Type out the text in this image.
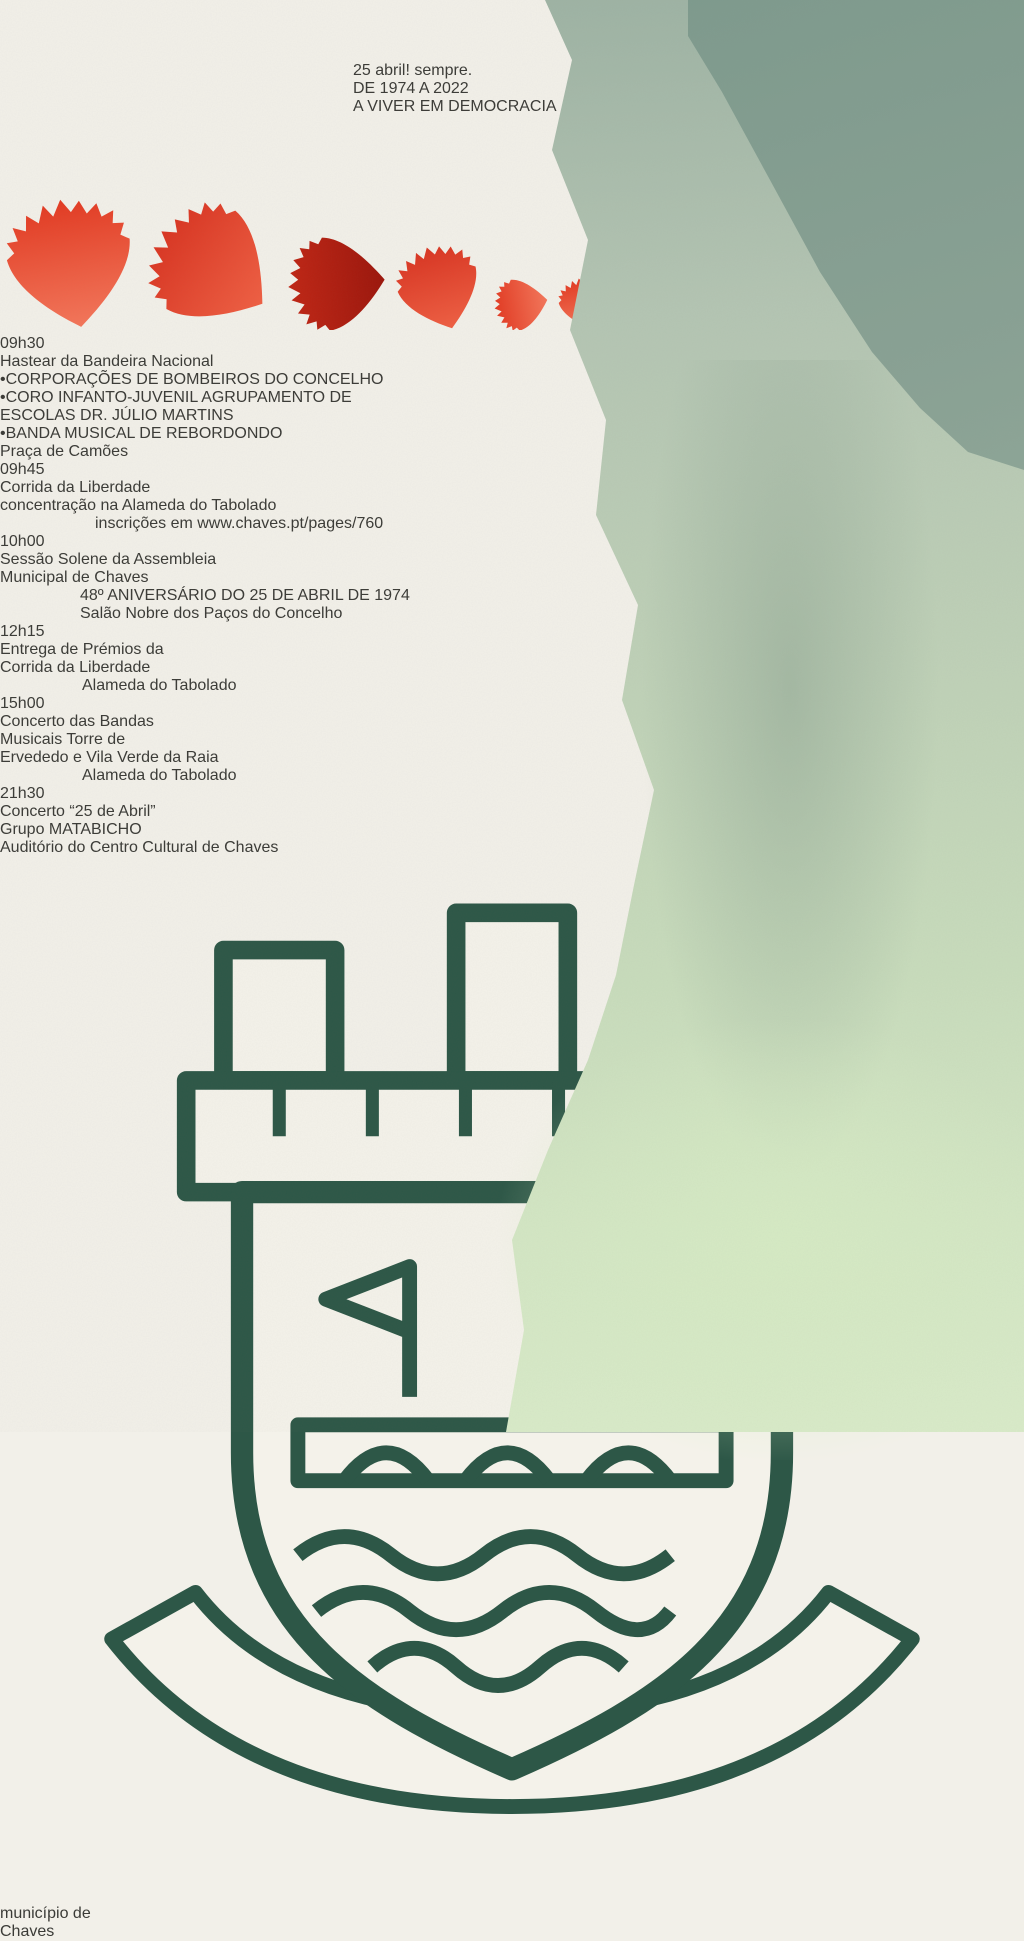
25 abril! sempre.
DE 1974 A 2022
A VIVER EM DEMOCRACIA
09h30
Hastear da Bandeira Nacional
•CORPORAÇÕES DE BOMBEIROS DO CONCELHO
•CORO INFANTO-JUVENIL AGRUPAMENTO DE
ESCOLAS DR. JÚLIO MARTINS
•BANDA MUSICAL DE REBORDONDO
Praça de Camões
09h45
Corrida da Liberdade
concentração na Alameda do Tabolado
inscrições em www.chaves.pt/pages/760
10h00
Sessão Solene da Assembleia
Municipal de Chaves
48º ANIVERSÁRIO DO 25 DE ABRIL DE 1974
Salão Nobre dos Paços do Concelho
12h15
Entrega de Prémios da
Corrida da Liberdade
Alameda do Tabolado
15h00
Concerto das Bandas
Musicais Torre de
Ervededo e Vila Verde da Raia
Alameda do Tabolado
21h30
Concerto “25 de Abril”
Grupo MATABICHO
Auditório do Centro Cultural de Chaves
município de
Chaves
